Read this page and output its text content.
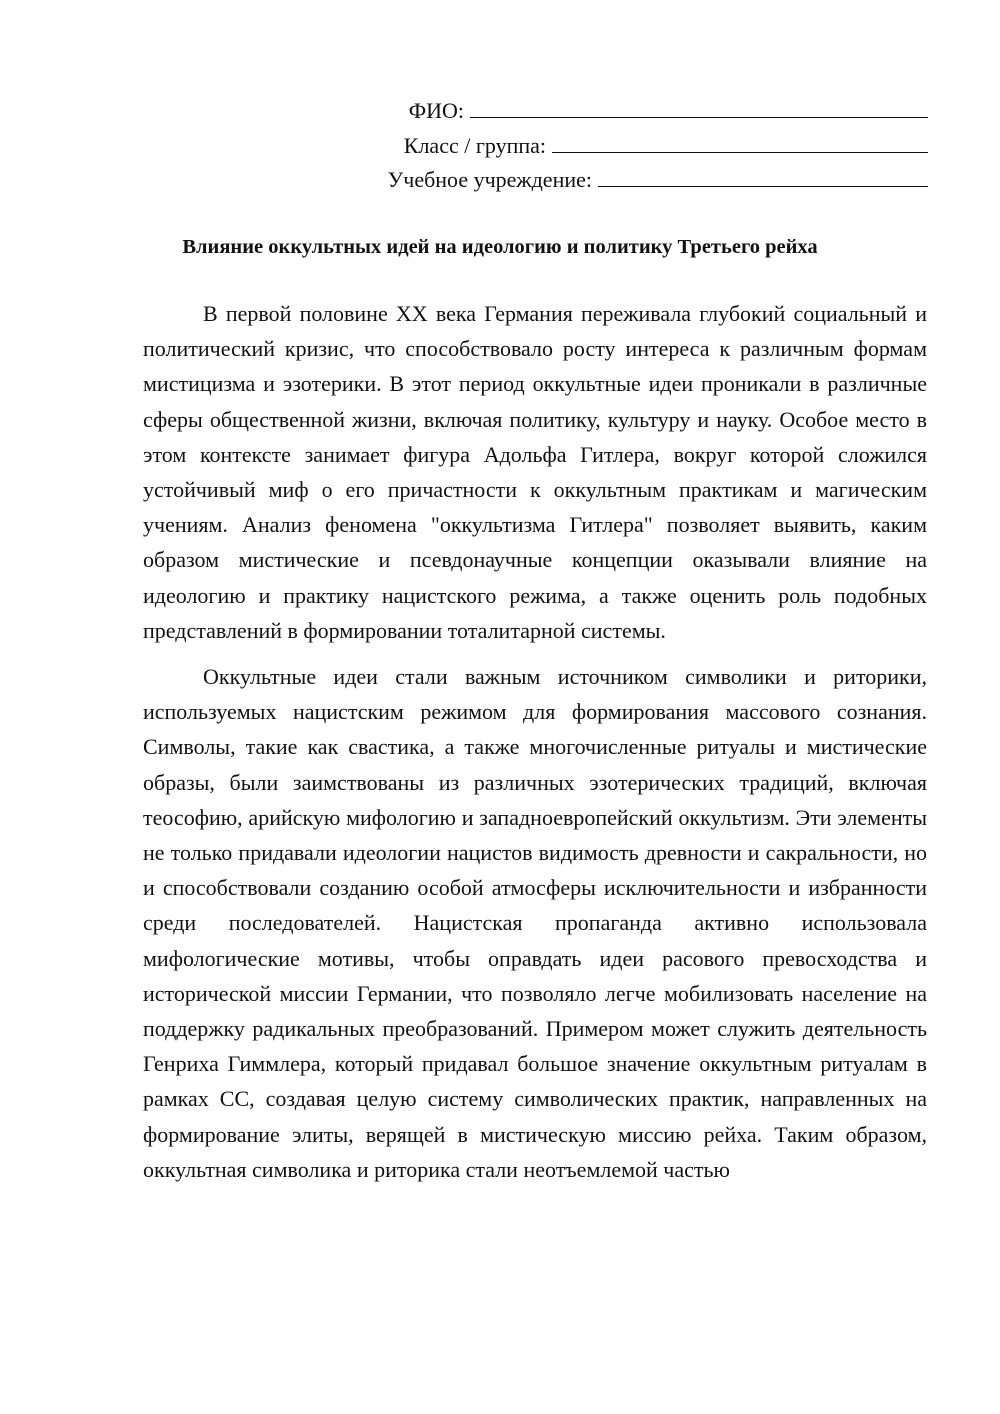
ФИО:
Класс / группа:
Учебное учреждение:
Влияние оккультных идей на идеологию и политику Третьего рейха

В первой половине XX века Германия переживала глубокий социальный и политический кризис, что способствовало росту интереса к различным формам мистицизма и эзотерики. В этот период оккультные идеи проникали в различные сферы общественной жизни, включая политику, культуру и науку. Особое место в этом контексте занимает фигура Адольфа Гитлера, вокруг которой сложился устойчивый миф о его причастности к оккультным практикам и магическим учениям. Анализ феномена "оккультизма Гитлера" позволяет выявить, каким образом мистические и псевдонаучные концепции оказывали влияние на идеологию и практику нацистского режима, а также оценить роль подобных представлений в формировании тоталитарной системы.

Оккультные идеи стали важным источником символики и риторики, используемых нацистским режимом для формирования массового сознания. Символы, такие как свастика, а также многочисленные ритуалы и мистические образы, были заимствованы из различных эзотерических традиций, включая теософию, арийскую мифологию и западноевропейский оккультизм. Эти элементы не только придавали идеологии нацистов видимость древности и сакральности, но и способствовали созданию особой атмосферы исключительности и избранности среди последователей. Нацистская пропаганда активно использовала мифологические мотивы, чтобы оправдать идеи расового превосходства и исторической миссии Германии, что позволяло легче мобилизовать население на поддержку радикальных преобразований. Примером может служить деятельность Генриха Гиммлера, который придавал большое значение оккультным ритуалам в рамках СС, создавая целую систему символических практик, направленных на формирование элиты, верящей в мистическую миссию рейха. Таким образом, оккультная символика и риторика стали неотъемлемой частью
